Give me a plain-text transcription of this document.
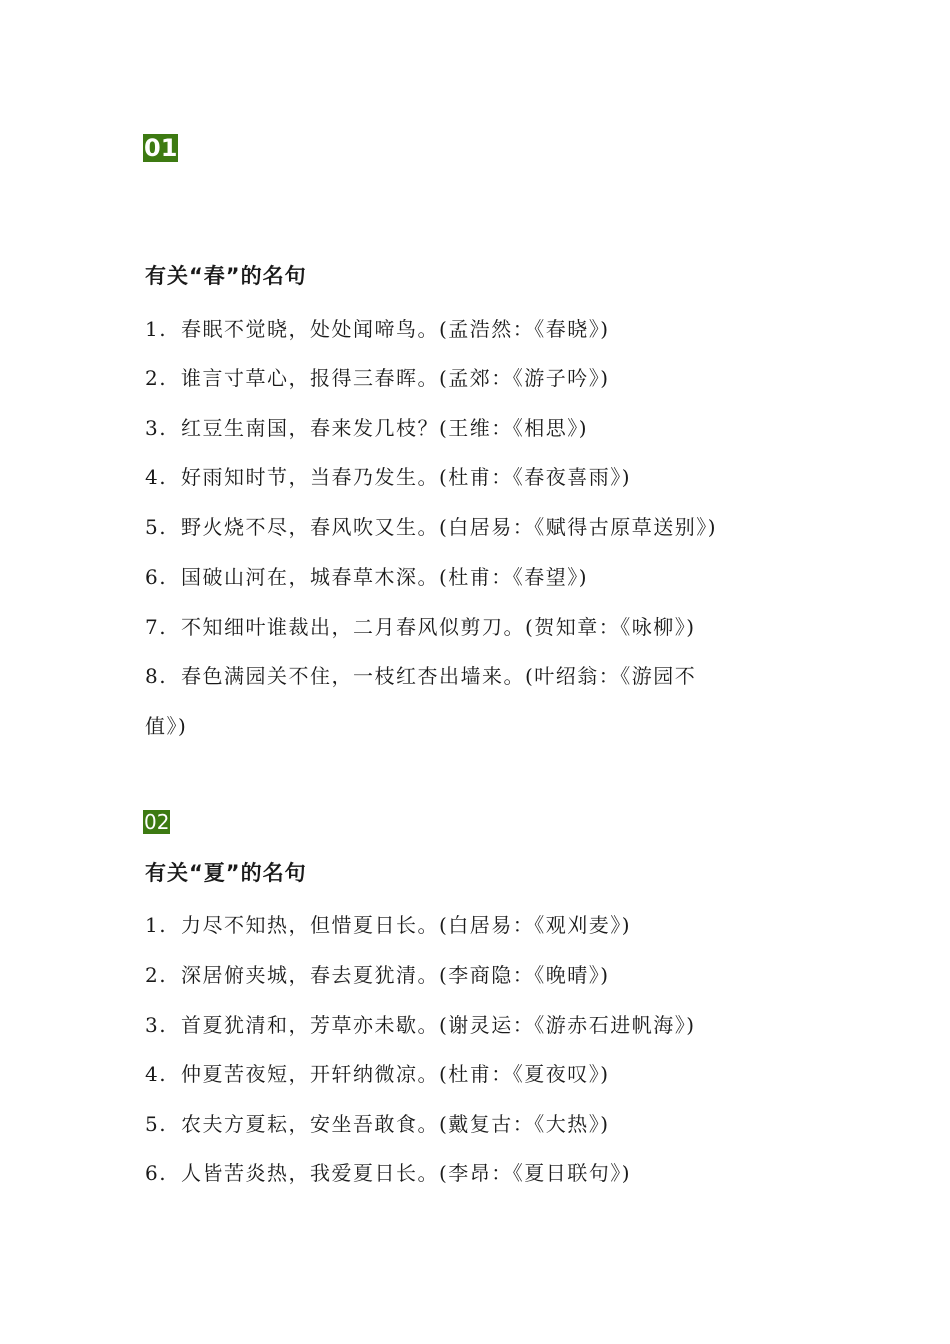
01
有关“春”的名句
1. 春眠不觉晓，处处闻啼鸟。(孟浩然：《春晓》)
2. 谁言寸草心，报得三春晖。(孟郊：《游子吟》)
3. 红豆生南国，春来发几枝？(王维：《相思》)
4. 好雨知时节，当春乃发生。(杜甫：《春夜喜雨》)
5. 野火烧不尽，春风吹又生。(白居易：《赋得古原草送别》)
6. 国破山河在，城春草木深。(杜甫：《春望》)
7. 不知细叶谁裁出，二月春风似剪刀。(贺知章：《咏柳》)
8. 春色满园关不住，一枝红杏出墙来。(叶绍翁：《游园不
值》)
02
有关“夏”的名句
1. 力尽不知热，但惜夏日长。(白居易：《观刈麦》)
2. 深居俯夹城，春去夏犹清。(李商隐：《晚晴》)
3. 首夏犹清和，芳草亦未歇。(谢灵运：《游赤石进帆海》)
4. 仲夏苦夜短，开轩纳微凉。(杜甫：《夏夜叹》)
5. 农夫方夏耘，安坐吾敢食。(戴复古：《大热》)
6. 人皆苦炎热，我爱夏日长。(李昂：《夏日联句》)
